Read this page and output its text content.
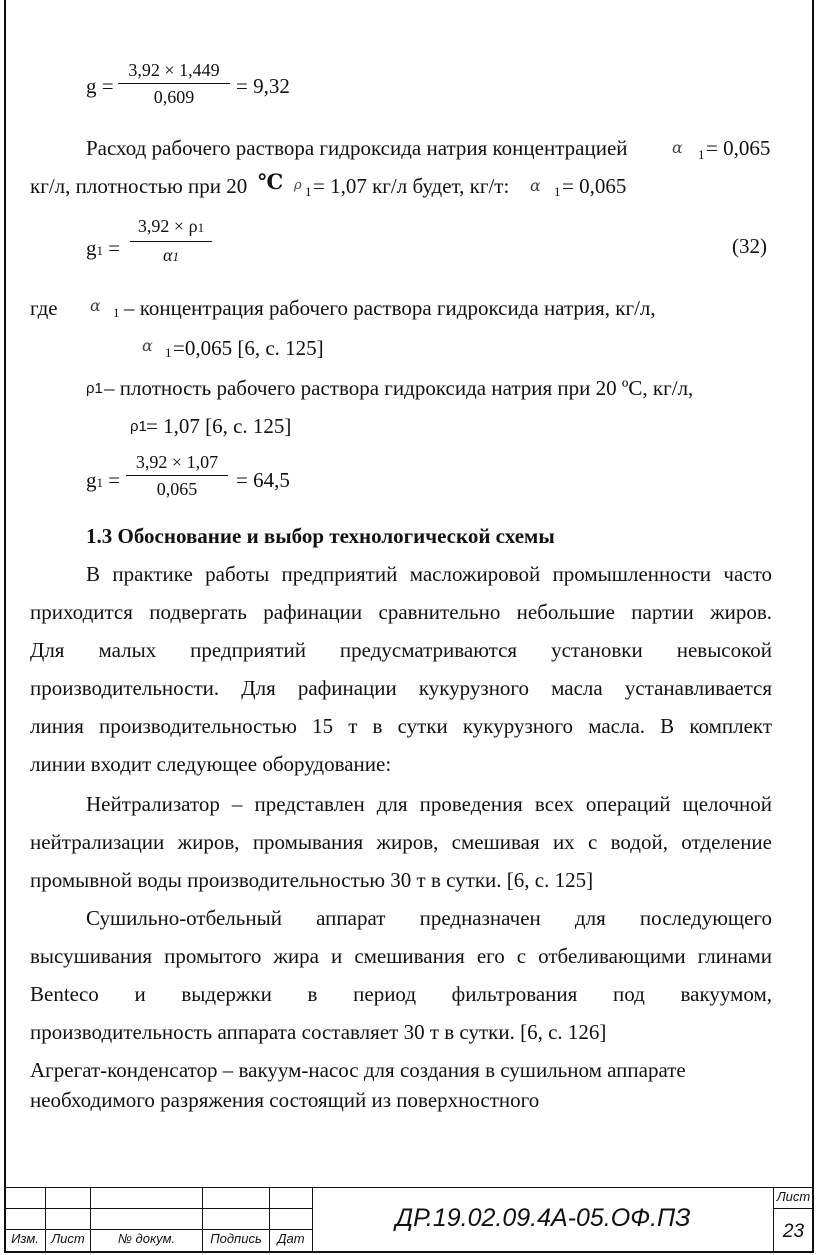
g =
3,92 × 1,449
0,609	= 9,32
Расход рабочего раствора гидроксида натрия концентрацией	α 1 = 0,065
кг/л, плотностью при 20 ℃ ρ 1 = 1,07 кг/л будет, кг/т: α 1 = 0,065
g1 =
3,92 × ρ1
α1	(32)
где α 1 – концентрация рабочего раствора гидроксида натрия, кг/л,
α 1 =0,065 [6, с. 125]
ρ1 – плотность рабочего раствора гидроксида натрия при 20 ºС, кг/л,
ρ1 = 1,07 [6, с. 125]
g1 =
3,92 × 1,07
0,065	= 64,5
1.3 Обоснование и выбор технологической схемы
В практике работы предприятий масложировой промышленности часто
приходится подвергать рафинации сравнительно небольшие партии жиров.
Для малых предприятий предусматриваются установки невысокой
производительности. Для рафинации кукурузного масла устанавливается
линия производительностью 15 т в сутки кукурузного масла. В комплект
линии входит следующее оборудование:
Нейтрализатор – представлен для проведения всех операций щелочной
нейтрализации жиров, промывания жиров, смешивая их с водой, отделение
промывной воды производительностью 30 т в сутки. [6, с. 125]
Сушильно-отбельный аппарат предназначен для последующего
высушивания промытого жира и смешивания его с отбеливающими глинами
Bentеco и выдержки в период фильтрования под вакуумом,
производительность аппарата составляет 30 т в сутки. [6, с. 126]
Агрегат-конденсатор – вакуум-насос для создания в сушильном аппарате
необходимого разряжения состоящий из поверхностного
Изм. Лист	№ докум.	Подпись	Дат
ДР.19.02.09.4А-05.ОФ.ПЗ
Лист
23
